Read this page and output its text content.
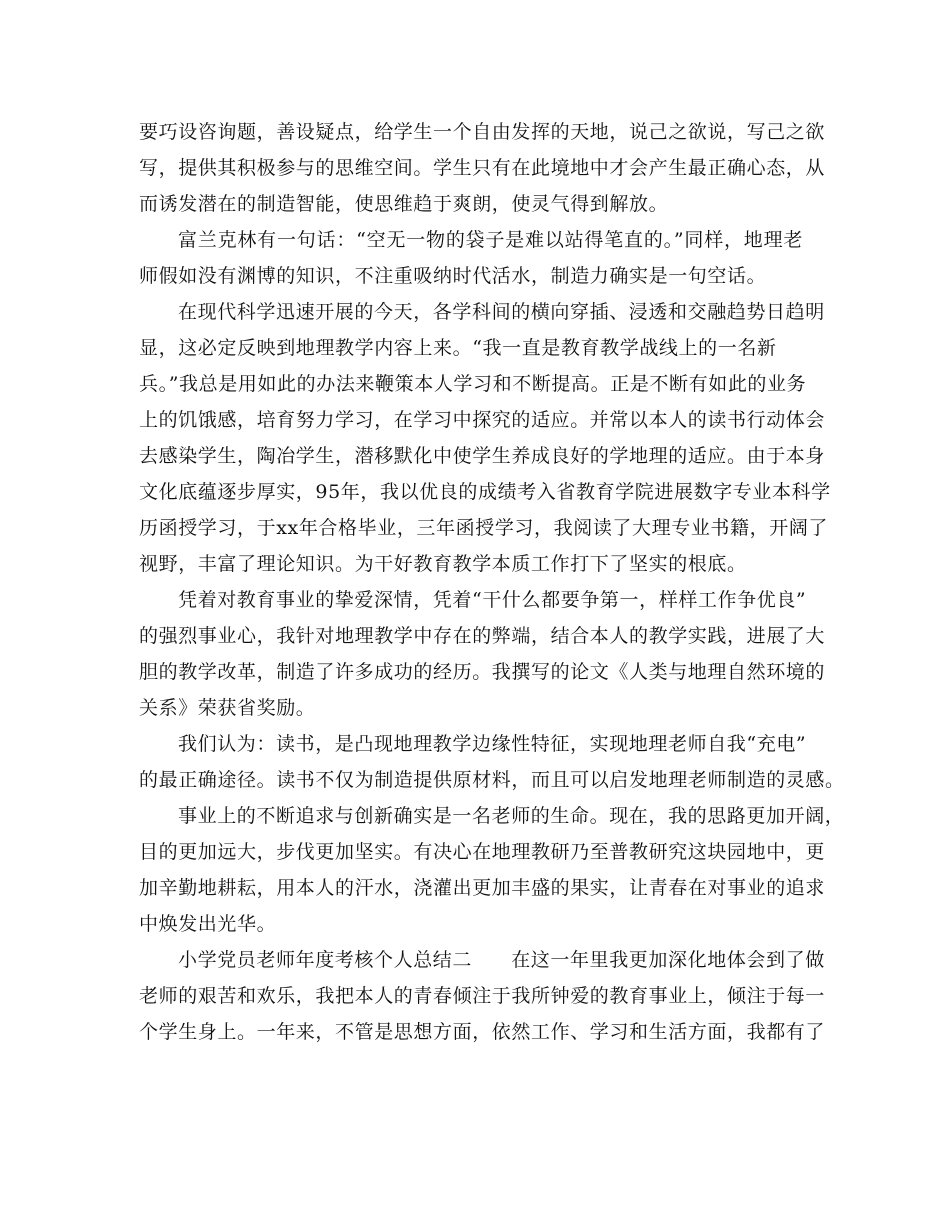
要巧设咨询题，善设疑点，给学生一个自由发挥的天地，说己之欲说，写己之欲
写，提供其积极参与的思维空间。学生只有在此境地中才会产生最正确心态，从
而诱发潜在的制造智能，使思维趋于爽朗，使灵气得到解放。
富兰克林有一句话：“空无一物的袋子是难以站得笔直的。”同样，地理老
师假如没有渊博的知识，不注重吸纳时代活水，制造力确实是一句空话。
在现代科学迅速开展的今天，各学科间的横向穿插、浸透和交融趋势日趋明
显，这必定反映到地理教学内容上来。“我一直是教育教学战线上的一名新
兵。”我总是用如此的办法来鞭策本人学习和不断提高。正是不断有如此的业务
上的饥饿感，培育努力学习，在学习中探究的适应。并常以本人的读书行动体会
去感染学生，陶冶学生，潜移默化中使学生养成良好的学地理的适应。由于本身
文化底蕴逐步厚实，95年，我以优良的成绩考入省教育学院进展数字专业本科学
历函授学习，于xx年合格毕业，三年函授学习，我阅读了大理专业书籍，开阔了
视野，丰富了理论知识。为干好教育教学本质工作打下了坚实的根底。
凭着对教育事业的挚爱深情，凭着“干什么都要争第一，样样工作争优良”
的强烈事业心，我针对地理教学中存在的弊端，结合本人的教学实践，进展了大
胆的教学改革，制造了许多成功的经历。我撰写的论文《人类与地理自然环境的
关系》荣获省奖励。
我们认为：读书，是凸现地理教学边缘性特征，实现地理老师自我“充电”
的最正确途径。读书不仅为制造提供原材料，而且可以启发地理老师制造的灵感。
事业上的不断追求与创新确实是一名老师的生命。现在，我的思路更加开阔，
目的更加远大，步伐更加坚实。有决心在地理教研乃至普教研究这块园地中，更
加辛勤地耕耘，用本人的汗水，浇灌出更加丰盛的果实，让青春在对事业的追求
中焕发出光华。
小学党员老师年度考核个人总结二　　在这一年里我更加深化地体会到了做
老师的艰苦和欢乐，我把本人的青春倾注于我所钟爱的教育事业上，倾注于每一
个学生身上。一年来，不管是思想方面，依然工作、学习和生活方面，我都有了
